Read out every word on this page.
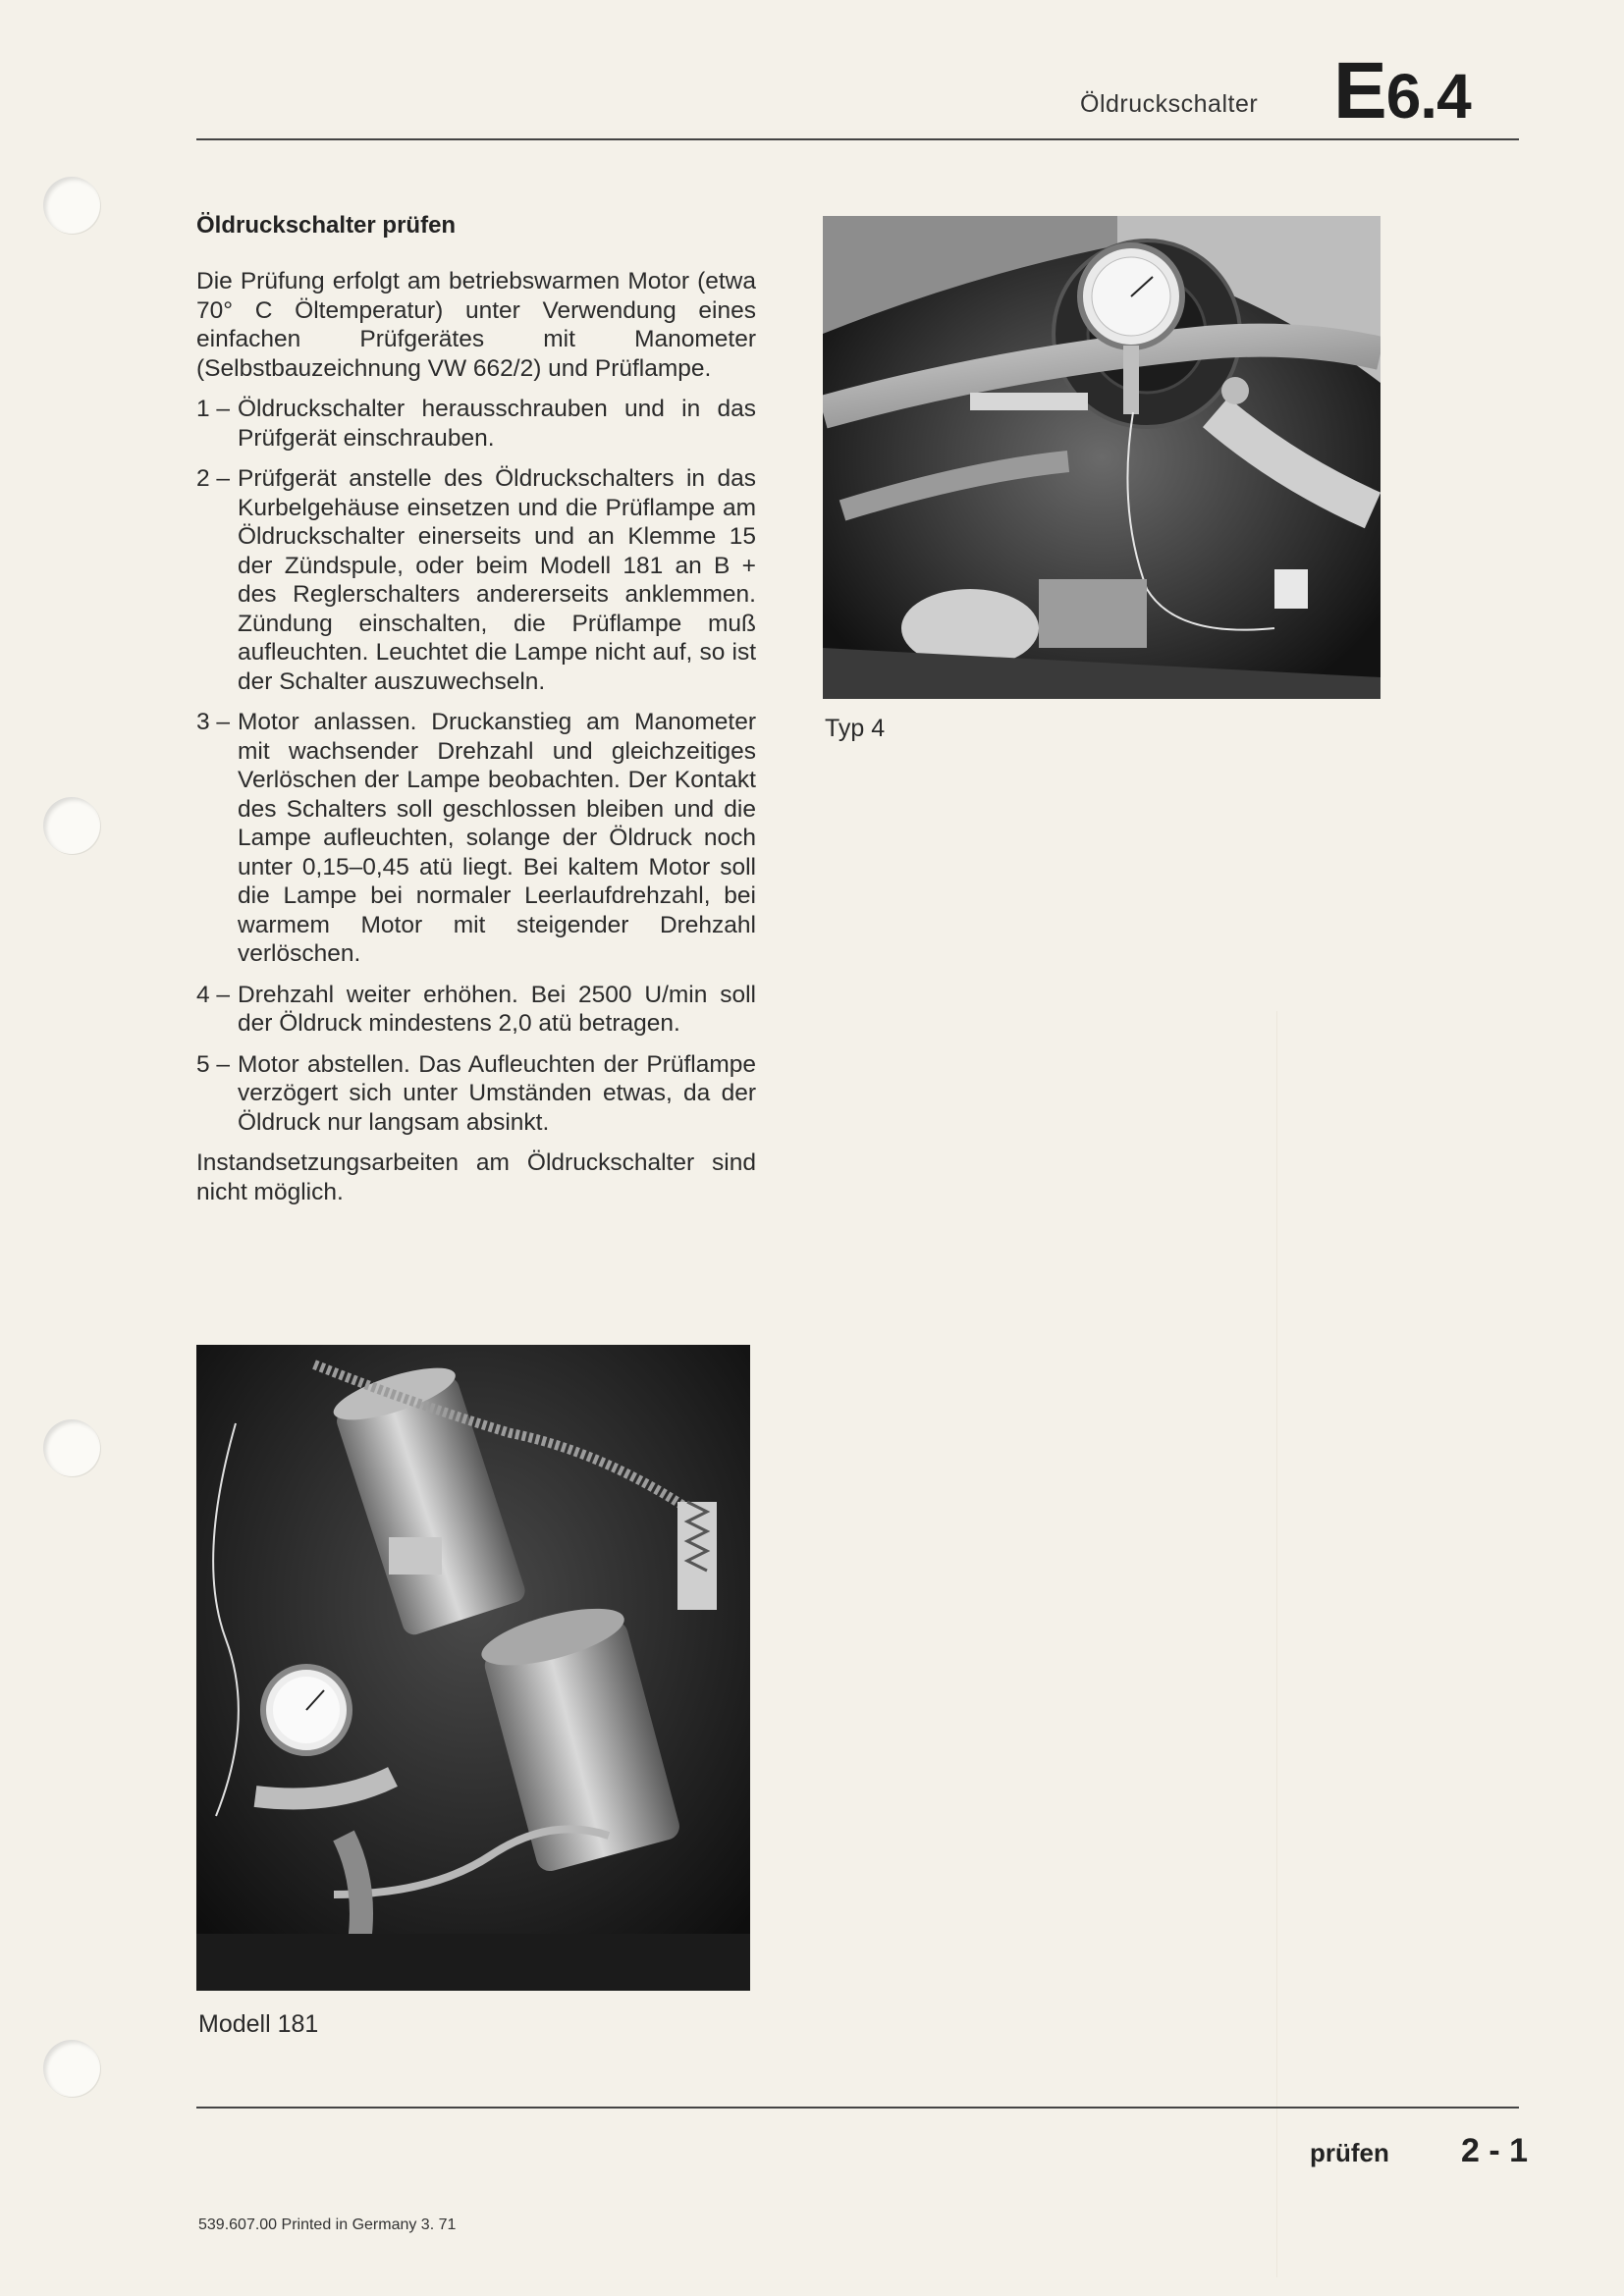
Öldruckschalter E6.4
Öldruckschalter prüfen

Die Prüfung erfolgt am betriebswarmen Motor (etwa 70° C Öltemperatur) unter Verwendung eines einfachen Prüfgerätes mit Manometer (Selbstbauzeichnung VW 662/2) und Prüflampe.

1 – Öldruckschalter herausschrauben und in das Prüfgerät einschrauben.
2 – Prüfgerät anstelle des Öldruckschalters in das Kurbelgehäuse einsetzen und die Prüflampe am Öldruckschalter einerseits und an Klemme 15 der Zündspule, oder beim Modell 181 an B + des Reglerschalters andererseits anklemmen. Zündung einschalten, die Prüflampe muß aufleuchten. Leuchtet die Lampe nicht auf, so ist der Schalter auszuwechseln.
3 – Motor anlassen. Druckanstieg am Manometer mit wachsender Drehzahl und gleichzeitiges Verlöschen der Lampe beobachten. Der Kontakt des Schalters soll geschlossen bleiben und die Lampe aufleuchten, solange der Öldruck noch unter 0,15–0,45 atü liegt. Bei kaltem Motor soll die Lampe bei normaler Leerlaufdrehzahl, bei warmem Motor mit steigender Drehzahl verlöschen.
4 – Drehzahl weiter erhöhen. Bei 2500 U/min soll der Öldruck mindestens 2,0 atü betragen.
5 – Motor abstellen. Das Aufleuchten der Prüflampe verzögert sich unter Umständen etwas, da der Öldruck nur langsam absinkt.

Instandsetzungsarbeiten am Öldruckschalter sind nicht möglich.

Typ 4
Modell 181
prüfen 2 - 1
539.607.00 Printed in Germany 3. 71
